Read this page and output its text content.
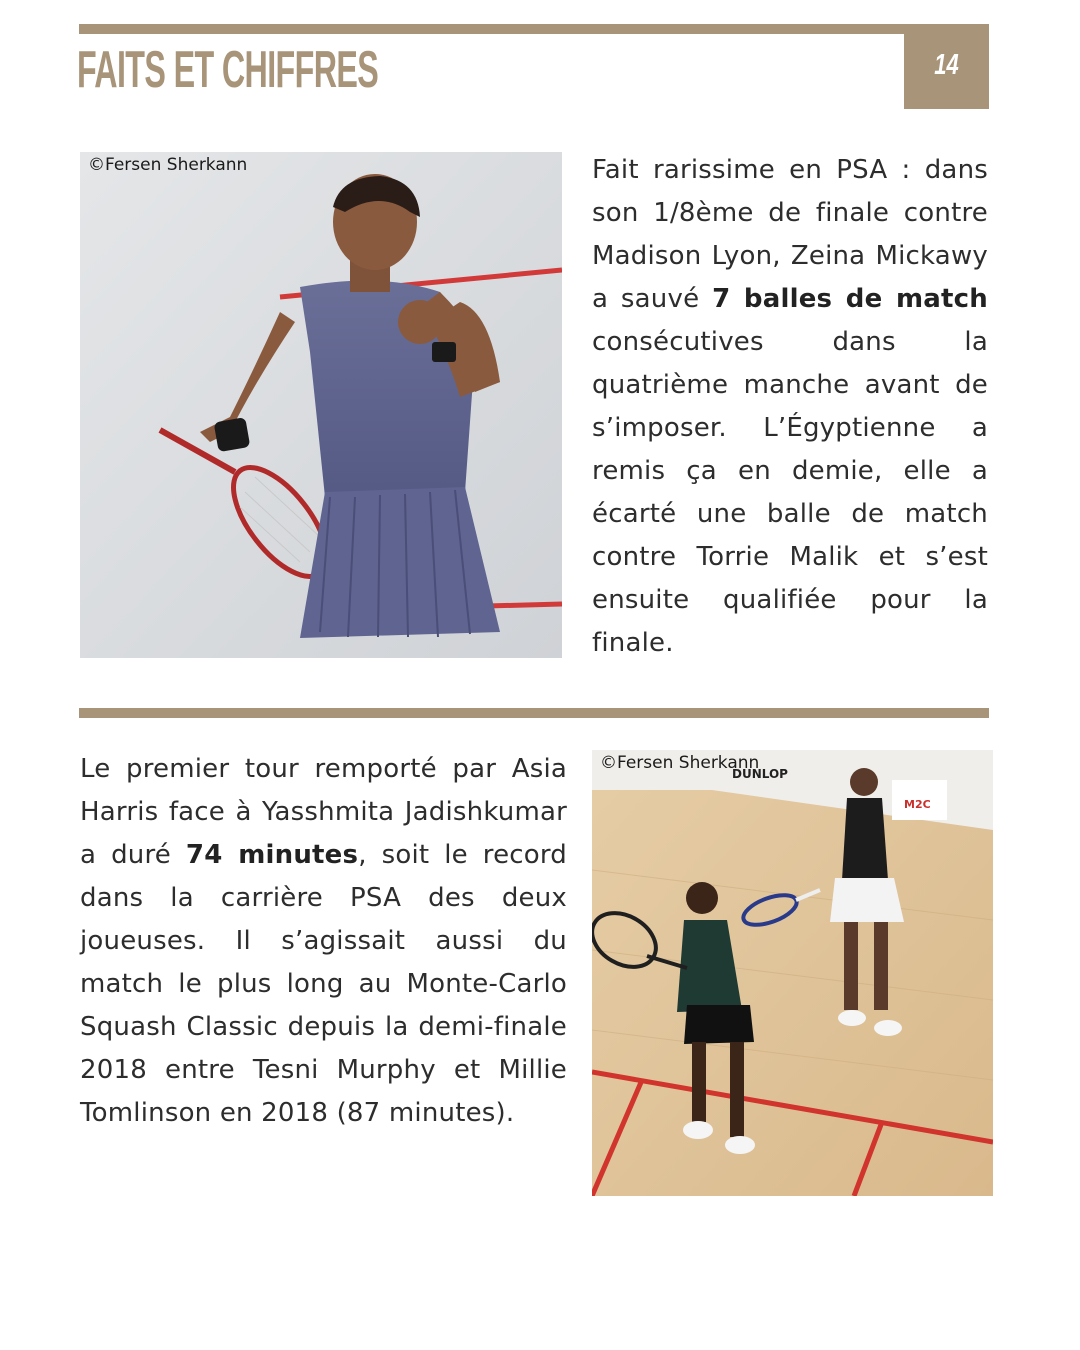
FAITS ET CHIFFRES	14
©Fersen Sherkann	Fait rarissime en PSA : dans son 1/8ème de finale contre Madison Lyon, Zeina Mickawy a sauvé 7 balles de match consécutives dans la quatrième manche avant de s’imposer. L’Égyptienne a remis ça en demie, elle a écarté une balle de match contre Torrie Malik et s’est ensuite qualifiée pour la finale.
Le premier tour remporté par Asia Harris face à Yasshmita Jadishkumar a duré 74 minutes, soit le record dans la carrière PSA des deux joueuses. Il s’agissait aussi du match le plus long au Monte-Carlo Squash Classic depuis la demi-finale 2018 entre Tesni Murphy et Millie Tomlinson en 2018 (87 minutes).
DUNLOP
M2C
©Fersen Sherkann
